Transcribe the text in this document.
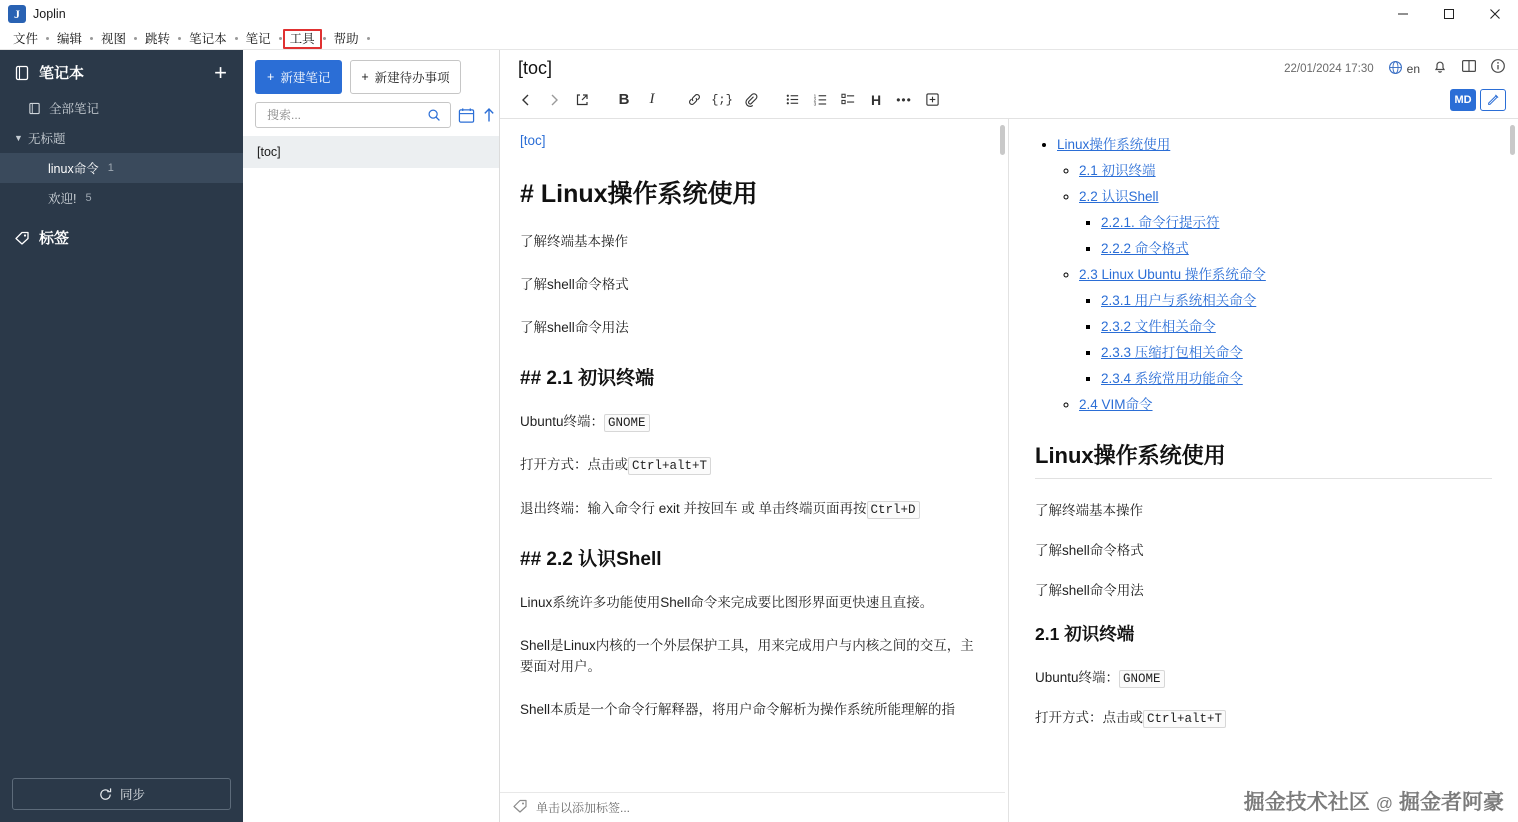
J	Joplin
文件	编辑	视图	跳转	笔记本	笔记	工具	帮助
笔记本	+
全部笔记
▼ 无标题
linux命令 1
欢迎! 5
标签
同步
+ 新建笔记 + 新建待办事项
搜索...
[toc]
[toc]	22/01/2024 17:30	en
B	I	{;}	1
2
3	H	•••	MD
[toc]
# Linux操作系统使用
了解终端基本操作
了解shell命令格式
了解shell命令用法
## 2.1 初识终端
Ubuntu终端： GNOME
打开方式：点击或 Ctrl+alt+T
退出终端：输入命令行 exit 并按回车 或 单击终端页面再按 Ctrl+D
## 2.2 认识Shell
Linux系统许多功能使用Shell命令来完成要比图形界面更快速且直接。
Shell是Linux内核的一个外层保护工具，用来完成用户与内核之间的交互，主要面对用户。
Shell本质是一个命令行解释器，将用户命令解析为操作系统所能理解的指
• Linux操作系统使用
◦ 2.1 初识终端
◦ 2.2 认识Shell
▪ 2.2.1. 命令行提示符
▪ 2.2.2 命令格式
◦ 2.3 Linux Ubuntu 操作系统命令
▪ 2.3.1 用户与系统相关命令
▪ 2.3.2 文件相关命令
▪ 2.3.3 压缩打包相关命令
▪ 2.3.4 系统常用功能命令
◦ 2.4 VIM命令
Linux操作系统使用
了解终端基本操作
了解shell命令格式
了解shell命令用法
2.1 初识终端
Ubuntu终端： GNOME
打开方式：点击或 Ctrl+alt+T
单击以添加标签...	掘金技术社区 @ 掘金者阿豪
